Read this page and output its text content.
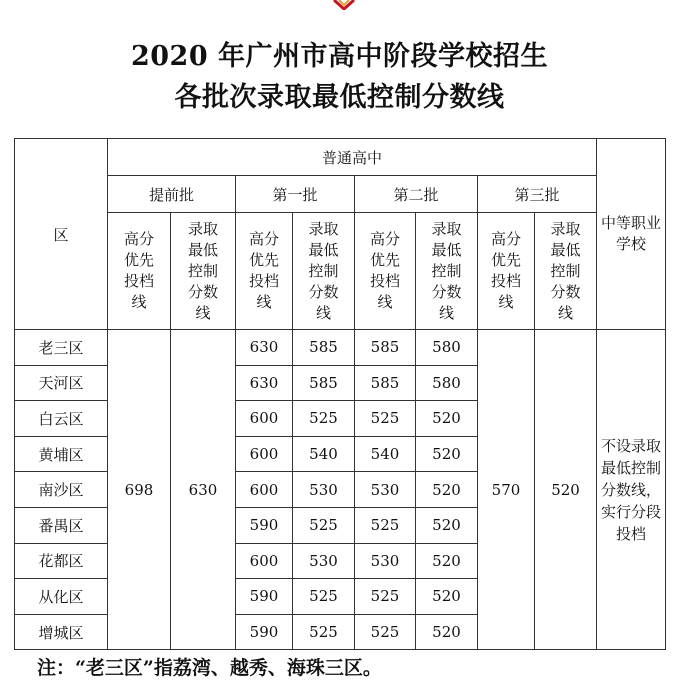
2020 年广州市高中阶段学校招生
各批次录取最低控制分数线
区	普通高中								中等职业学校

	提前批		第一批		第二批		第三批		

	高分优先投档线	录取最低控制分数线	高分优先投档线	录取最低控制分数线	高分优先投档线	录取最低控制分数线	高分优先投档线	录取最低控制分数线	

老三区	698	630	630	585	585	580	570	520	不设录取最低控制分数线，实行分段投档

天河区			630	585	585	580			
白云区			600	525	525	520			
黄埔区			600	540	540	520			
南沙区			600	530	530	520			
番禺区			590	525	525	520			
花都区			600	530	530	520			
从化区			590	525	525	520			
增城区			590	525	525	520			
注：“老三区”指荔湾、越秀、海珠三区。
